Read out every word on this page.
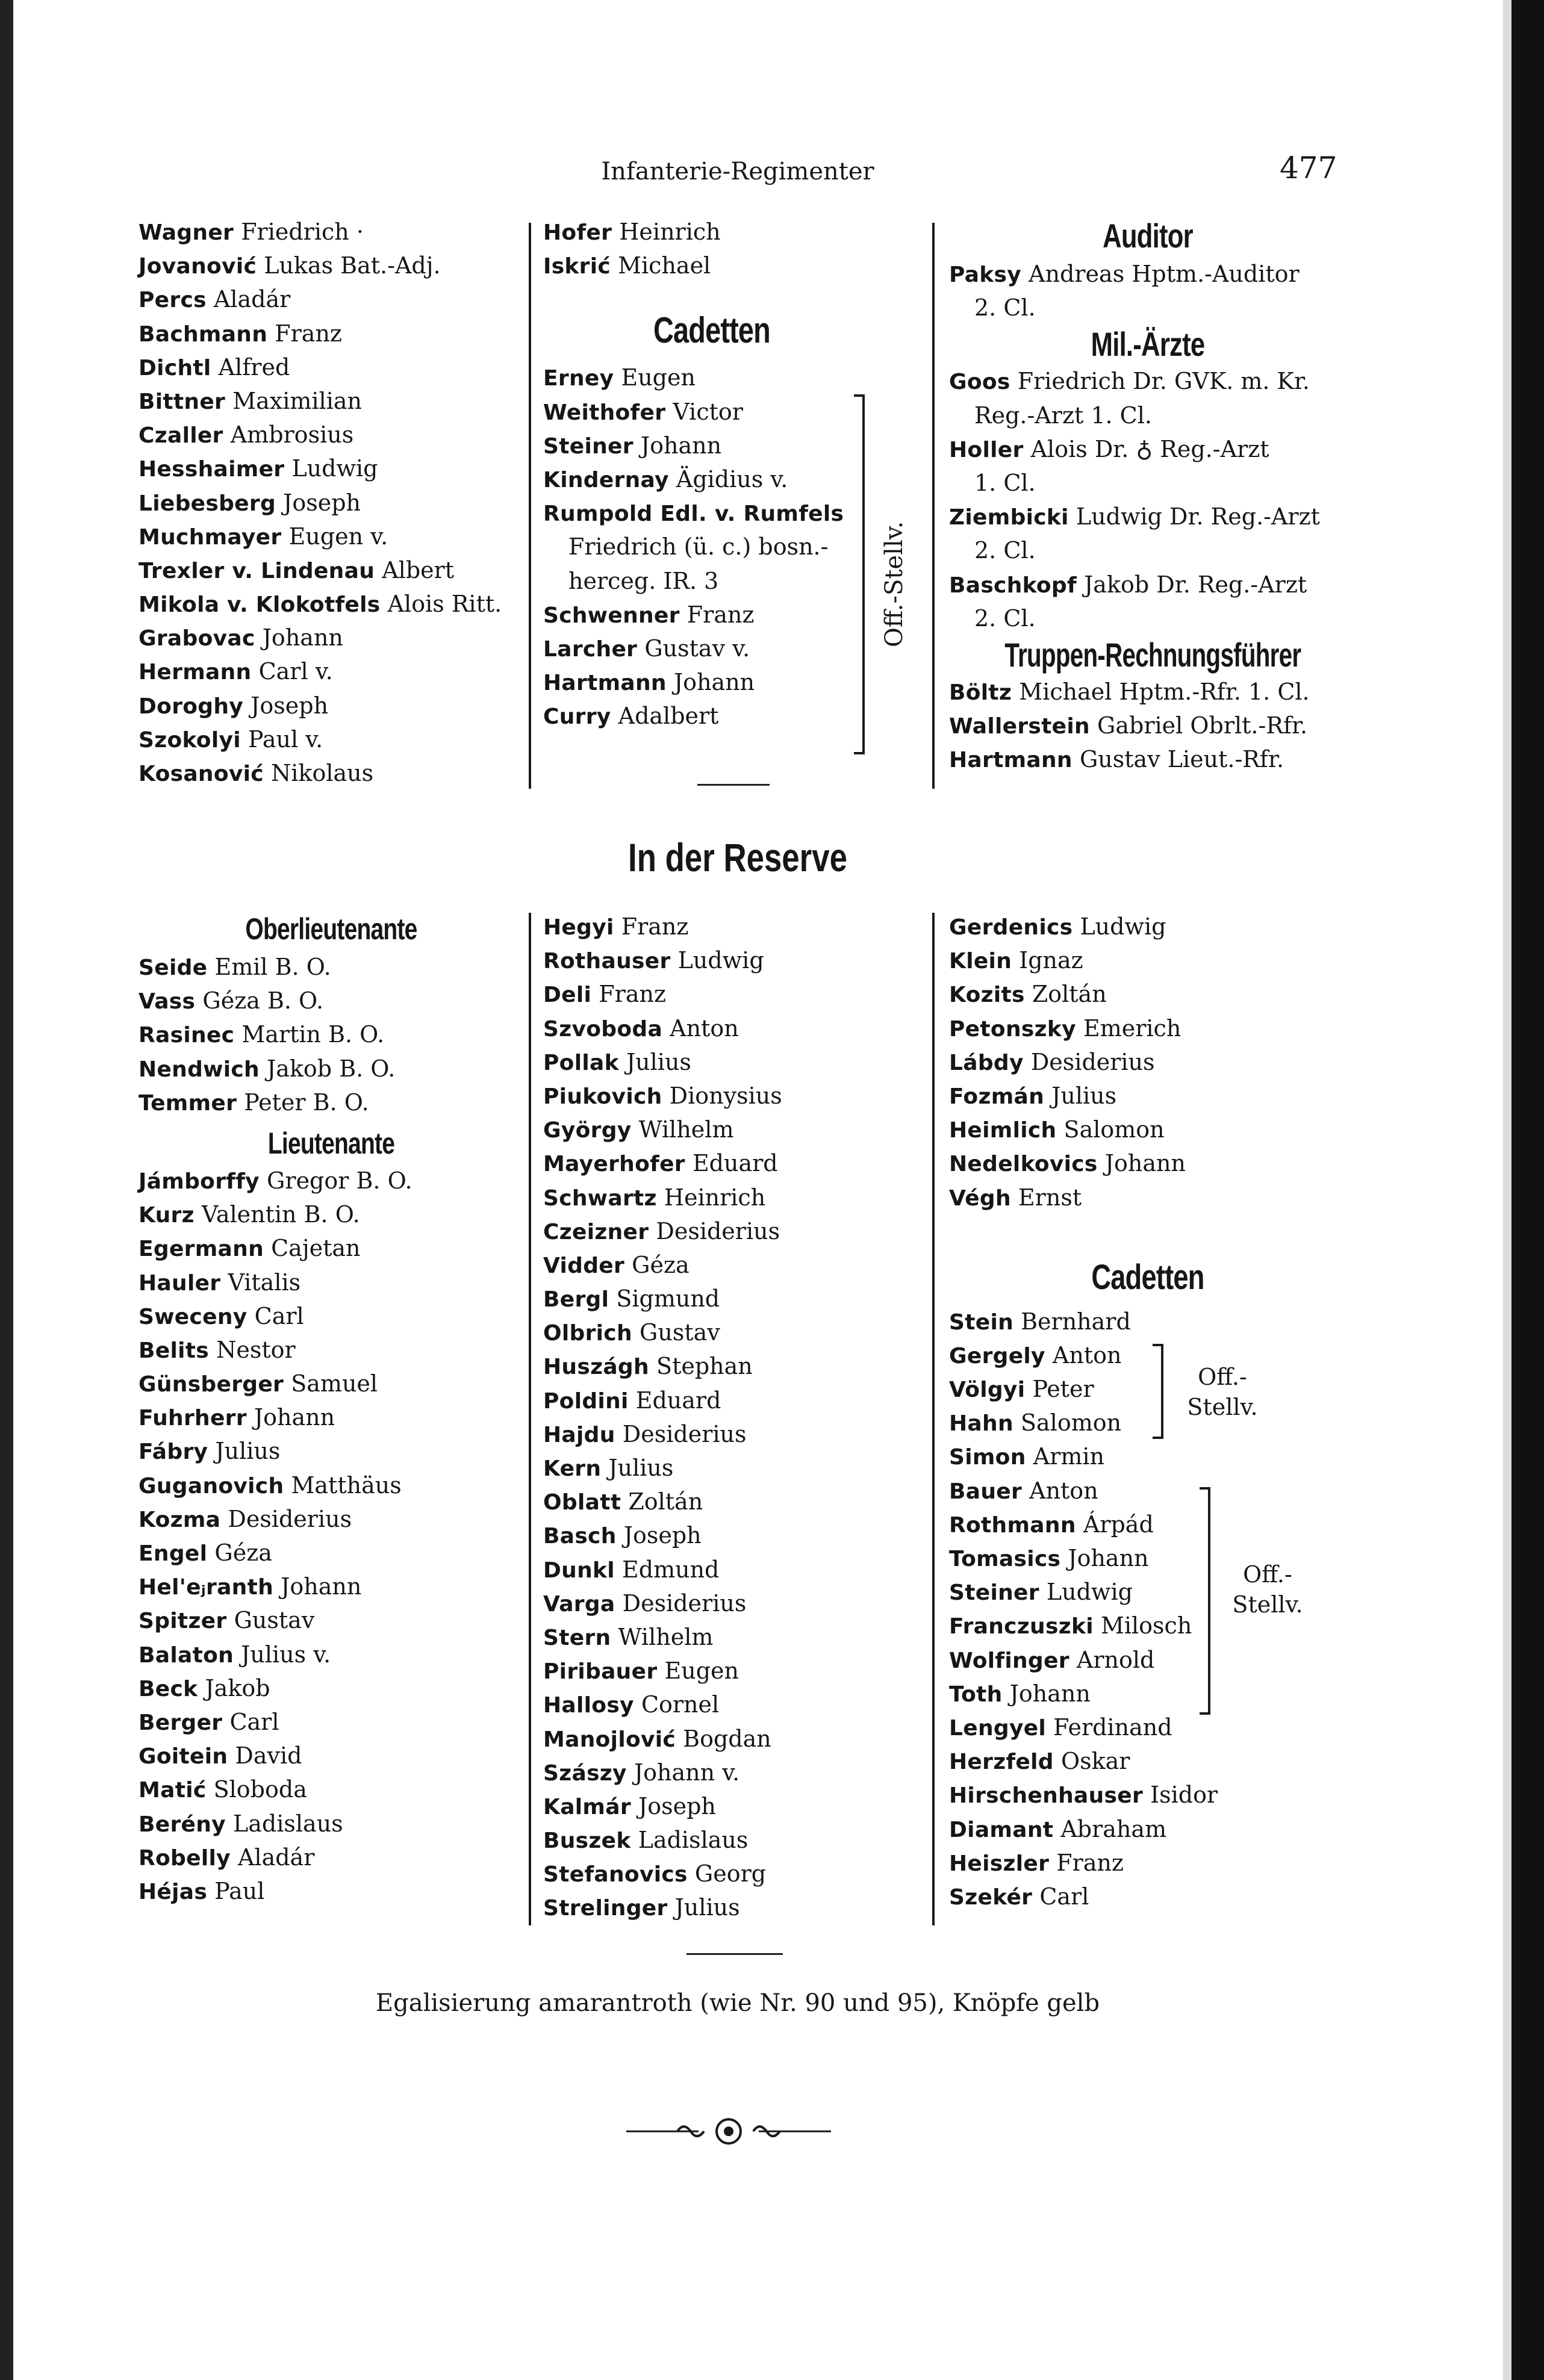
Infanterie-Regimenter	477
Wagner Friedrich ·
Jovanović Lukas Bat.-Adj.
Percs Aladár
Bachmann Franz
Dichtl Alfred
Bittner Maximilian
Czaller Ambrosius
Hesshaimer Ludwig
Liebesberg Joseph
Muchmayer Eugen v.
Trexler v. Lindenau Albert
Mikola v. Klokotfels Alois Ritt.
Grabovac Johann
Hermann Carl v.
Doroghy Joseph
Szokolyi Paul v.
Kosanović Nikolaus
Hofer Heinrich
Iskrić Michael
Cadetten
Erney Eugen
Weithofer Victor
Steiner Johann
Kindernay Ägidius v.
Rumpold Edl. v. Rumfels
Friedrich (ü. c.) bosn.-
herceg. IR. 3
Schwenner Franz
Larcher Gustav v.
Hartmann Johann
Curry Adalbert
Off.-Stellv.
Auditor
Paksy Andreas Hptm.-Auditor
2. Cl.
Mil.-Ärzte
Goos Friedrich Dr. GVK. m. Kr.
Reg.-Arzt 1. Cl.
Holler Alois Dr. ♁ Reg.-Arzt
1. Cl.
Ziembicki Ludwig Dr. Reg.-Arzt
2. Cl.
Baschkopf Jakob Dr. Reg.-Arzt
2. Cl.
Truppen-Rechnungsführer
Böltz Michael Hptm.-Rfr. 1. Cl.
Wallerstein Gabriel Obrlt.-Rfr.
Hartmann Gustav Lieut.-Rfr.
In der Reserve
Oberlieutenante
Seide Emil B. O.
Vass Géza B. O.
Rasinec Martin B. O.
Nendwich Jakob B. O.
Temmer Peter B. O.
Lieutenante
Jámborffy Gregor B. O.
Kurz Valentin B. O.
Egermann Cajetan
Hauler Vitalis
Sweceny Carl
Belits Nestor
Günsberger Samuel
Fuhrherr Johann
Fábry Julius
Guganovich Matthäus
Kozma Desiderius
Engel Géza
Hel'eⱼranth Johann
Spitzer Gustav
Balaton Julius v.
Beck Jakob
Berger Carl
Goitein David
Matić Sloboda
Berény Ladislaus
Robelly Aladár
Héjas Paul
Hegyi Franz
Rothauser Ludwig
Deli Franz
Szvoboda Anton
Pollak Julius
Piukovich Dionysius
György Wilhelm
Mayerhofer Eduard
Schwartz Heinrich
Czeizner Desiderius
Vidder Géza
Bergl Sigmund
Olbrich Gustav
Huszágh Stephan
Poldini Eduard
Hajdu Desiderius
Kern Julius
Oblatt Zoltán
Basch Joseph
Dunkl Edmund
Varga Desiderius
Stern Wilhelm
Piribauer Eugen
Hallosy Cornel
Manojlović Bogdan
Szászy Johann v.
Kalmár Joseph
Buszek Ladislaus
Stefanovics Georg
Strelinger Julius
Gerdenics Ludwig
Klein Ignaz
Kozits Zoltán
Petonszky Emerich
Lábdy Desiderius
Fozmán Julius
Heimlich Salomon
Nedelkovics Johann
Végh Ernst
Cadetten
Stein Bernhard
Gergely Anton
Völgyi Peter
Hahn Salomon
Simon Armin
Bauer Anton
Rothmann Árpád
Tomasics Johann
Steiner Ludwig
Franczuszki Milosch
Wolfinger Arnold
Toth Johann
Lengyel Ferdinand
Herzfeld Oskar
Hirschenhauser Isidor
Diamant Abraham
Heiszler Franz
Szekér Carl
Off.-
Stellv.
Off.-
Stellv.
Egalisierung amarantroth (wie Nr. 90 und 95), Knöpfe gelb
